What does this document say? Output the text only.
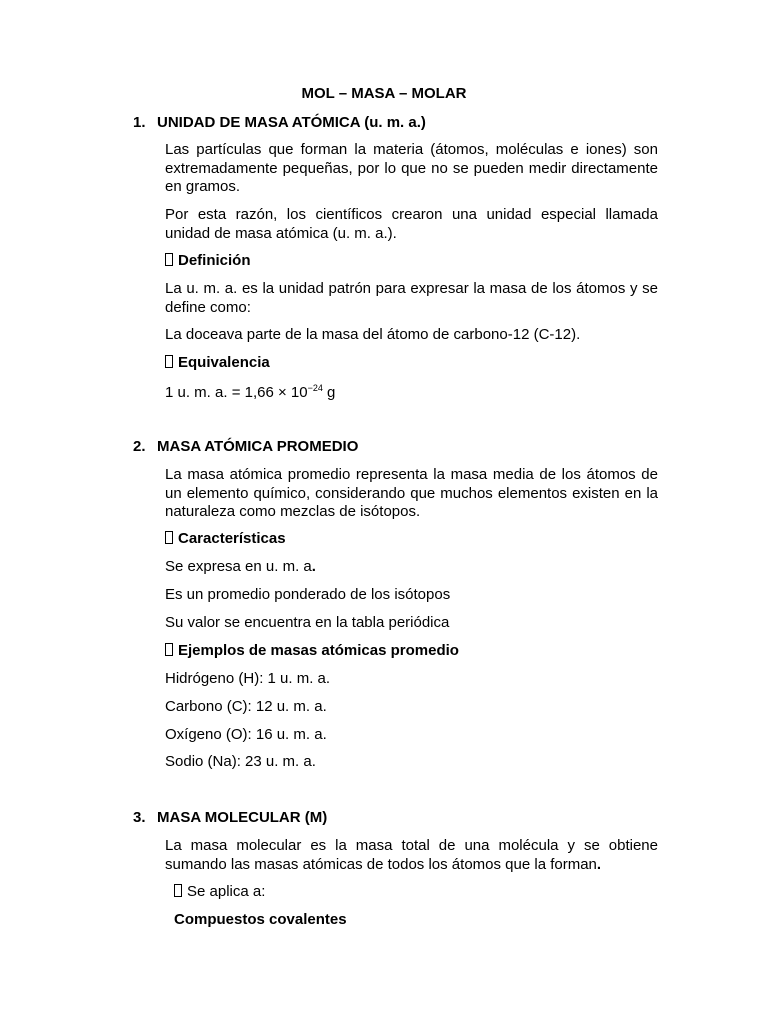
MOL – MASA – MOLAR
1. UNIDAD DE MASA ATÓMICA (u. m. a.)
Las partículas que forman la materia (átomos, moléculas e iones) son extremadamente pequeñas, por lo que no se pueden medir directamente en gramos.
Por esta razón, los científicos crearon una unidad especial llamada unidad de masa atómica (u. m. a.).
Definición
La u. m. a. es la unidad patrón para expresar la masa de los átomos y se define como:
La doceava parte de la masa del átomo de carbono-12 (C-12).
Equivalencia
1 u. m. a. = $1,66 \times 10^{-24}$ g
2. MASA ATÓMICA PROMEDIO
La masa atómica promedio representa la masa media de los átomos de un elemento químico, considerando que muchos elementos existen en la naturaleza como mezclas de isótopos.
Características
Se expresa en u. m. a.
Es un promedio ponderado de los isótopos
Su valor se encuentra en la tabla periódica
Ejemplos de masas atómicas promedio
Hidrógeno (H): 1 u. m. a.
Carbono (C): 12 u. m. a.
Oxígeno (O): 16 u. m. a.
Sodio (Na): 23 u. m. a.
3. MASA MOLECULAR (M)
La masa molecular es la masa total de una molécula y se obtiene sumando las masas atómicas de todos los átomos que la forman.
Se aplica a:
Compuestos covalentes
